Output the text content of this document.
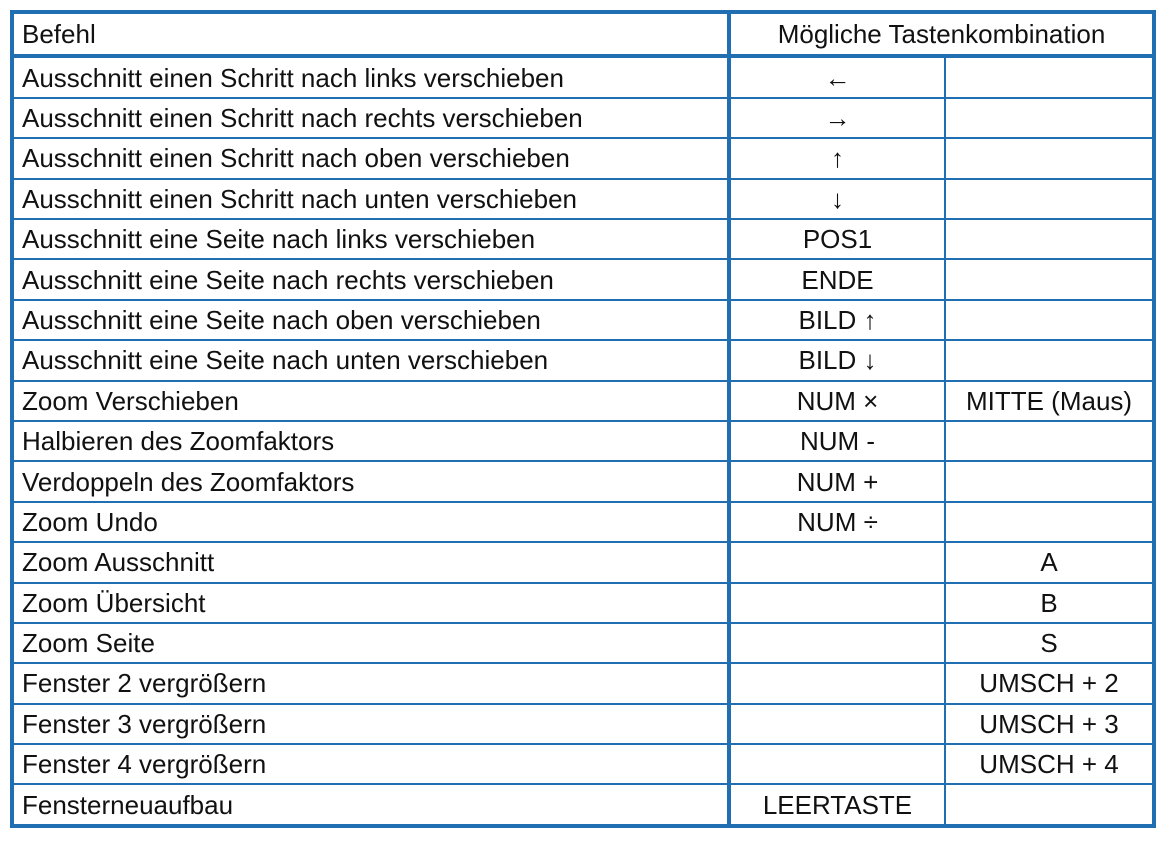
Befehl	Mögliche Tastenkombination	
Ausschnitt einen Schritt nach links verschieben	←	
Ausschnitt einen Schritt nach rechts verschieben	→	
Ausschnitt einen Schritt nach oben verschieben	↑	
Ausschnitt einen Schritt nach unten verschieben	↓	
Ausschnitt eine Seite nach links verschieben	POS1	
Ausschnitt eine Seite nach rechts verschieben	ENDE	
Ausschnitt eine Seite nach oben verschieben	BILD ↑	
Ausschnitt eine Seite nach unten verschieben	BILD ↓	
Zoom Verschieben	NUM ×	MITTE (Maus)
Halbieren des Zoomfaktors	NUM -	
Verdoppeln des Zoomfaktors	NUM +	
Zoom Undo	NUM ÷	
Zoom Ausschnitt		A
Zoom Übersicht		B
Zoom Seite		S
Fenster 2 vergrößern		UMSCH + 2
Fenster 3 vergrößern		UMSCH + 3
Fenster 4 vergrößern		UMSCH + 4
Fensterneuaufbau	LEERTASTE	
